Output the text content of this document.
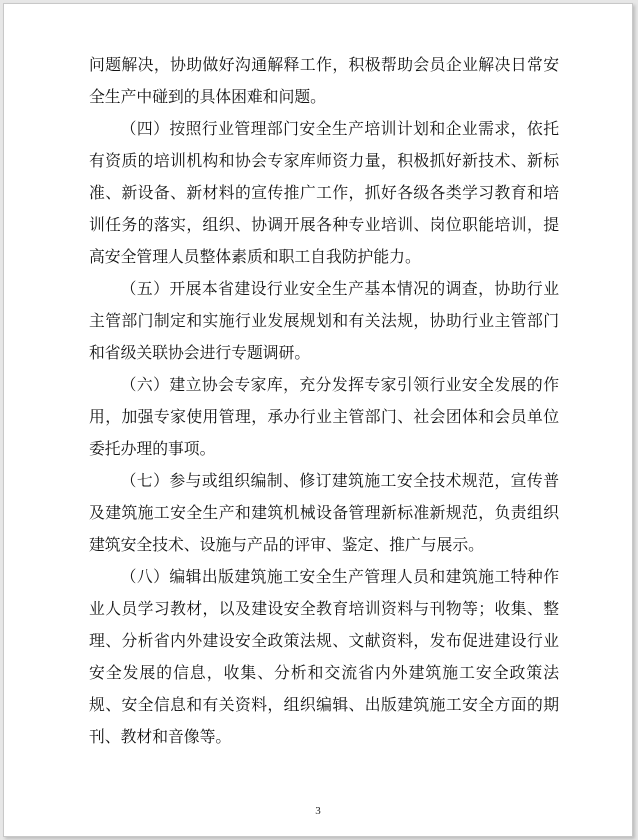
问题解决，协助做好沟通解释工作，积极帮助会员企业解决日常安全生产中碰到的具体困难和问题。

（四）按照行业管理部门安全生产培训计划和企业需求，依托有资质的培训机构和协会专家库师资力量，积极抓好新技术、新标准、新设备、新材料的宣传推广工作，抓好各级各类学习教育和培训任务的落实，组织、协调开展各种专业培训、岗位职能培训，提高安全管理人员整体素质和职工自我防护能力。

（五）开展本省建设行业安全生产基本情况的调查，协助行业主管部门制定和实施行业发展规划和有关法规，协助行业主管部门和省级关联协会进行专题调研。

（六）建立协会专家库，充分发挥专家引领行业安全发展的作用，加强专家使用管理，承办行业主管部门、社会团体和会员单位委托办理的事项。

（七）参与或组织编制、修订建筑施工安全技术规范，宣传普及建筑施工安全生产和建筑机械设备管理新标准新规范，负责组织建筑安全技术、设施与产品的评审、鉴定、推广与展示。

（八）编辑出版建筑施工安全生产管理人员和建筑施工特种作业人员学习教材，以及建设安全教育培训资料与刊物等；收集、整理、分析省内外建设安全政策法规、文献资料，发布促进建设行业安全发展的信息，收集、分析和交流省内外建筑施工安全政策法规、安全信息和有关资料，组织编辑、出版建筑施工安全方面的期刊、教材和音像等。

3
